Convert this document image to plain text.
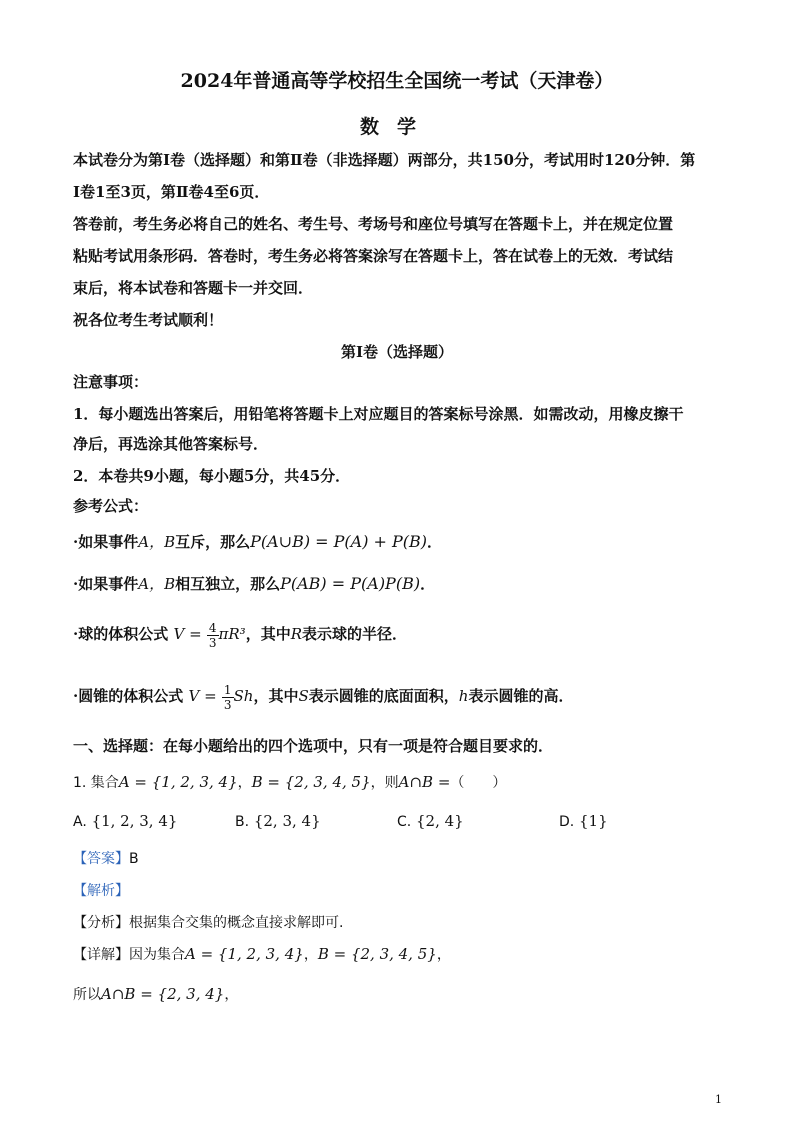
2024年普通高等学校招生全国统一考试（天津卷）
数学
本试卷分为第Ⅰ卷（选择题）和第Ⅱ卷（非选择题）两部分，共150分，考试用时120分钟．第
Ⅰ卷1至3页，第Ⅱ卷4至6页．
答卷前，考生务必将自己的姓名、考生号、考场号和座位号填写在答题卡上，并在规定位置
粘贴考试用条形码．答卷时，考生务必将答案涂写在答题卡上，答在试卷上的无效．考试结
束后，将本试卷和答题卡一并交回．
祝各位考生考试顺利！
第Ⅰ卷（选择题）
注意事项：
1．每小题选出答案后，用铅笔将答题卡上对应题目的答案标号涂黑．如需改动，用橡皮擦干
净后，再选涂其他答案标号．
2．本卷共9小题，每小题5分，共45分．
参考公式：
·如果事件A，B互斥，那么P(A∪B) = P(A) + P(B)．
·如果事件A，B相互独立，那么P(AB) = P(A)P(B)．
·球的体积公式 $V = \frac{4}{3} \pi R^3$，其中R表示球的半径．
·圆锥的体积公式 $V = \frac{1}{3}$ Sh，其中S表示圆锥的底面面积，h表示圆锥的高．
一、选择题：在每小题给出的四个选项中，只有一项是符合题目要求的．
1. 集合A = {1, 2, 3, 4}，B = {2, 3, 4, 5}，则A∩B =（　　）
A. {1, 2, 3, 4}	B. {2, 3, 4}	C. {2, 4}	D. {1}
【答案】B
【解析】
【分析】根据集合交集的概念直接求解即可.
【详解】因为集合A = {1, 2, 3, 4}，B = {2, 3, 4, 5}，
所以A∩B = {2, 3, 4}，
1
